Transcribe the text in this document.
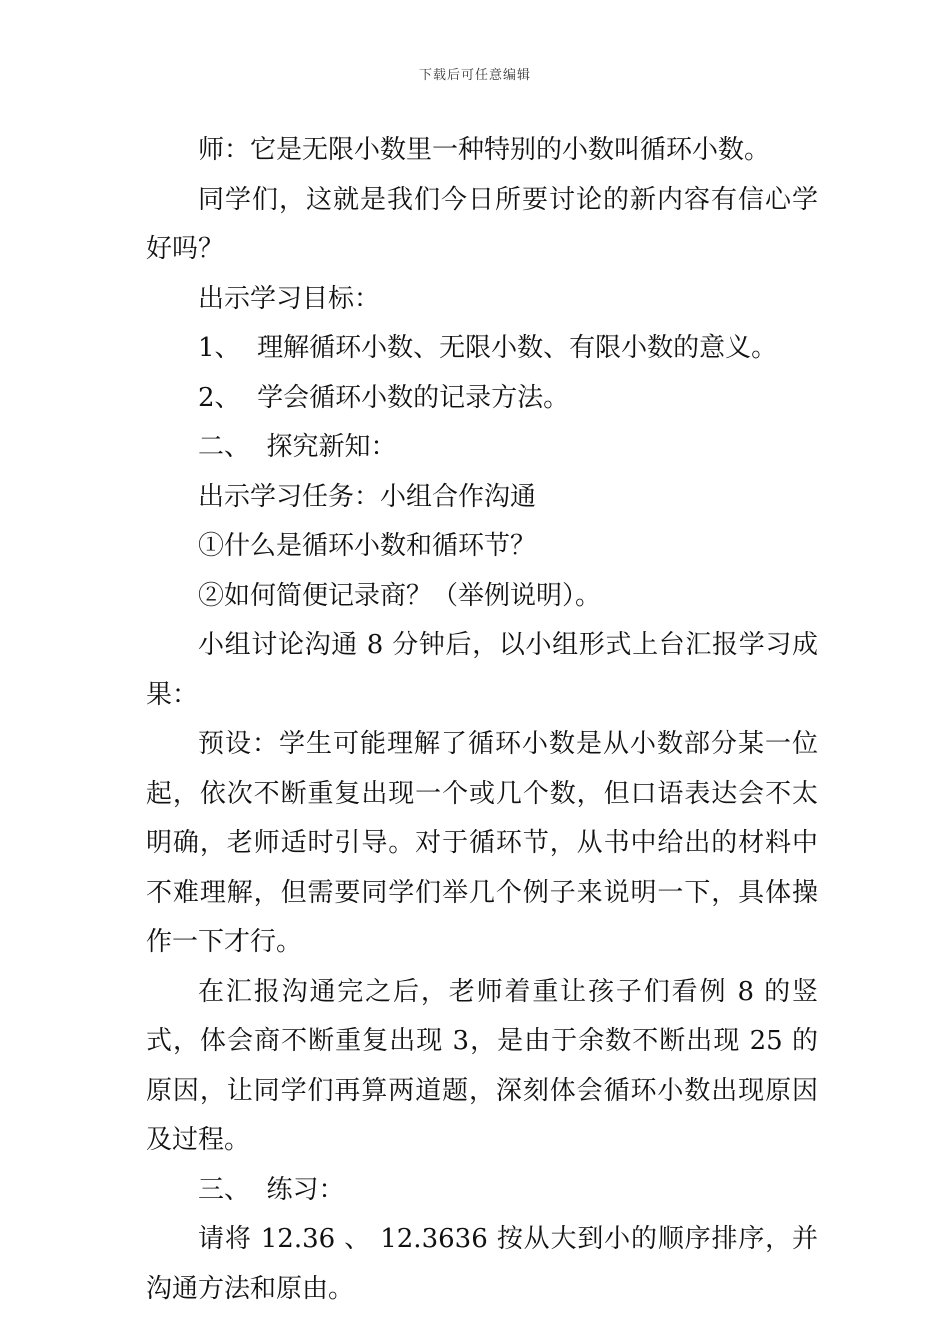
下载后可任意编辑

师：它是无限小数里一种特别的小数叫循环小数。

同学们，这就是我们今日所要讨论的新内容有信心学好吗？

出示学习目标：

1、  理解循环小数、无限小数、有限小数的意义。

2、  学会循环小数的记录方法。

二、  探究新知：

出示学习任务：小组合作沟通

①什么是循环小数和循环节？

②如何简便记录商？（举例说明）。

小组讨论沟通 8 分钟后，以小组形式上台汇报学习成果：

预设：学生可能理解了循环小数是从小数部分某一位起，依次不断重复出现一个或几个数，但口语表达会不太明确，老师适时引导。对于循环节，从书中给出的材料中不难理解，但需要同学们举几个例子来说明一下，具体操作一下才行。

在汇报沟通完之后，老师着重让孩子们看例 8 的竖式，体会商不断重复出现 3，是由于余数不断出现 25 的原因，让同学们再算两道题，深刻体会循环小数出现原因及过程。

三、  练习：

请将 12.36 、 12.3636 按从大到小的顺序排序，并沟通方法和原由。
